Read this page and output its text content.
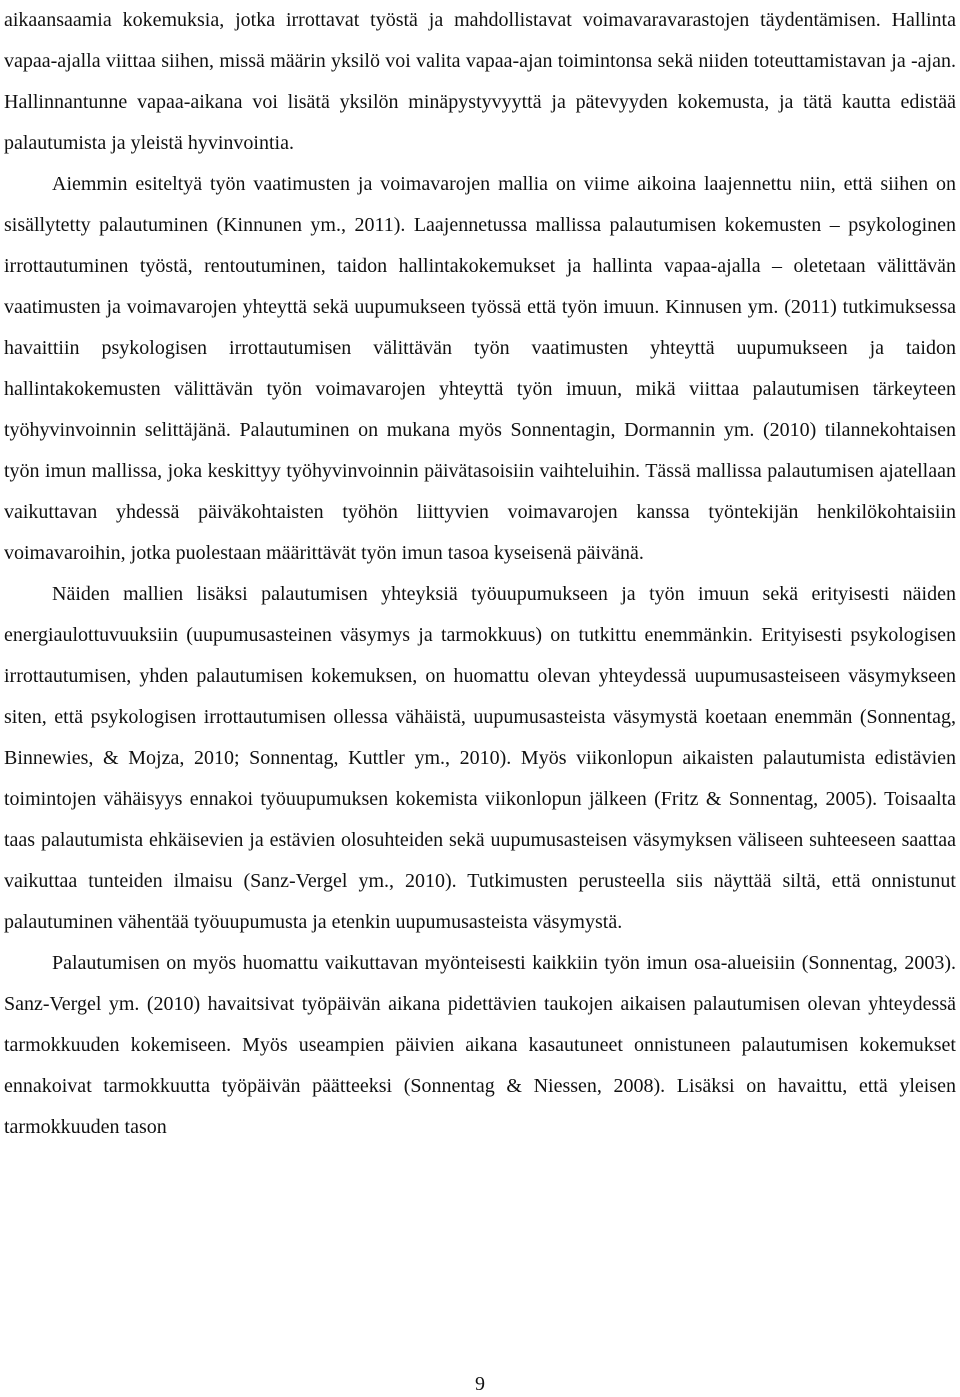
aikaansaamia kokemuksia, jotka irrottavat työstä ja mahdollistavat voimavaravarastojen täydentämisen. Hallinta vapaa-ajalla viittaa siihen, missä määrin yksilö voi valita vapaa-ajan toimintonsa sekä niiden toteuttamistavan ja -ajan. Hallinnantunne vapaa-aikana voi lisätä yksilön minäpystyvyyttä ja pätevyyden kokemusta, ja tätä kautta edistää palautumista ja yleistä hyvinvointia.

Aiemmin esiteltyä työn vaatimusten ja voimavarojen mallia on viime aikoina laajennettu niin, että siihen on sisällytetty palautuminen (Kinnunen ym., 2011). Laajennetussa mallissa palautumisen kokemusten – psykologinen irrottautuminen työstä, rentoutuminen, taidon hallintakokemukset ja hallinta vapaa-ajalla – oletetaan välittävän vaatimusten ja voimavarojen yhteyttä sekä uupumukseen työssä että työn imuun. Kinnusen ym. (2011) tutkimuksessa havaittiin psykologisen irrottautumisen välittävän työn vaatimusten yhteyttä uupumukseen ja taidon hallintakokemusten välittävän työn voimavarojen yhteyttä työn imuun, mikä viittaa palautumisen tärkeyteen työhyvinvoinnin selittäjänä. Palautuminen on mukana myös Sonnentagin, Dormannin ym. (2010) tilannekohtaisen työn imun mallissa, joka keskittyy työhyvinvoinnin päivätasoisiin vaihteluihin. Tässä mallissa palautumisen ajatellaan vaikuttavan yhdessä päiväkohtaisten työhön liittyvien voimavarojen kanssa työntekijän henkilökohtaisiin voimavaroihin, jotka puolestaan määrittävät työn imun tasoa kyseisenä päivänä.

Näiden mallien lisäksi palautumisen yhteyksiä työuupumukseen ja työn imuun sekä erityisesti näiden energiaulottuvuuksiin (uupumusasteinen väsymys ja tarmokkuus) on tutkittu enemmänkin. Erityisesti psykologisen irrottautumisen, yhden palautumisen kokemuksen, on huomattu olevan yhteydessä uupumusasteiseen väsymykseen siten, että psykologisen irrottautumisen ollessa vähäistä, uupumusasteista väsymystä koetaan enemmän (Sonnentag, Binnewies, & Mojza, 2010; Sonnentag, Kuttler ym., 2010). Myös viikonlopun aikaisten palautumista edistävien toimintojen vähäisyys ennakoi työuupumuksen kokemista viikonlopun jälkeen (Fritz & Sonnentag, 2005). Toisaalta taas palautumista ehkäisevien ja estävien olosuhteiden sekä uupumusasteisen väsymyksen väliseen suhteeseen saattaa vaikuttaa tunteiden ilmaisu (Sanz-Vergel ym., 2010). Tutkimusten perusteella siis näyttää siltä, että onnistunut palautuminen vähentää työuupumusta ja etenkin uupumusasteista väsymystä.

Palautumisen on myös huomattu vaikuttavan myönteisesti kaikkiin työn imun osa-alueisiin (Sonnentag, 2003). Sanz-Vergel ym. (2010) havaitsivat työpäivän aikana pidettävien taukojen aikaisen palautumisen olevan yhteydessä tarmokkuuden kokemiseen. Myös useampien päivien aikana kasautuneet onnistuneen palautumisen kokemukset ennakoivat tarmokkuutta työpäivän päätteeksi (Sonnentag & Niessen, 2008). Lisäksi on havaittu, että yleisen tarmokkuuden tason

9
